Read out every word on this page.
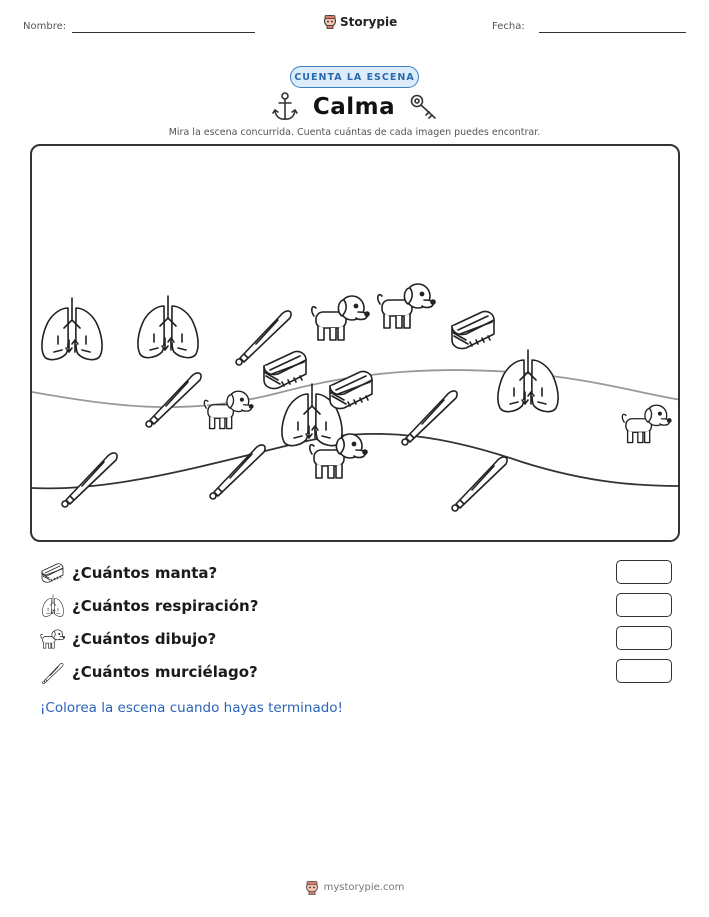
Nombre:	Storypie	Fecha:
CUENTA LA ESCENA
Calma
Mira la escena concurrida. Cuenta cuántas de cada imagen puedes encontrar.
¿Cuántos manta?
¿Cuántos respiración?
¿Cuántos dibujo?
¿Cuántos murciélago?
¡Colorea la escena cuando hayas terminado!
mystorypie.com
